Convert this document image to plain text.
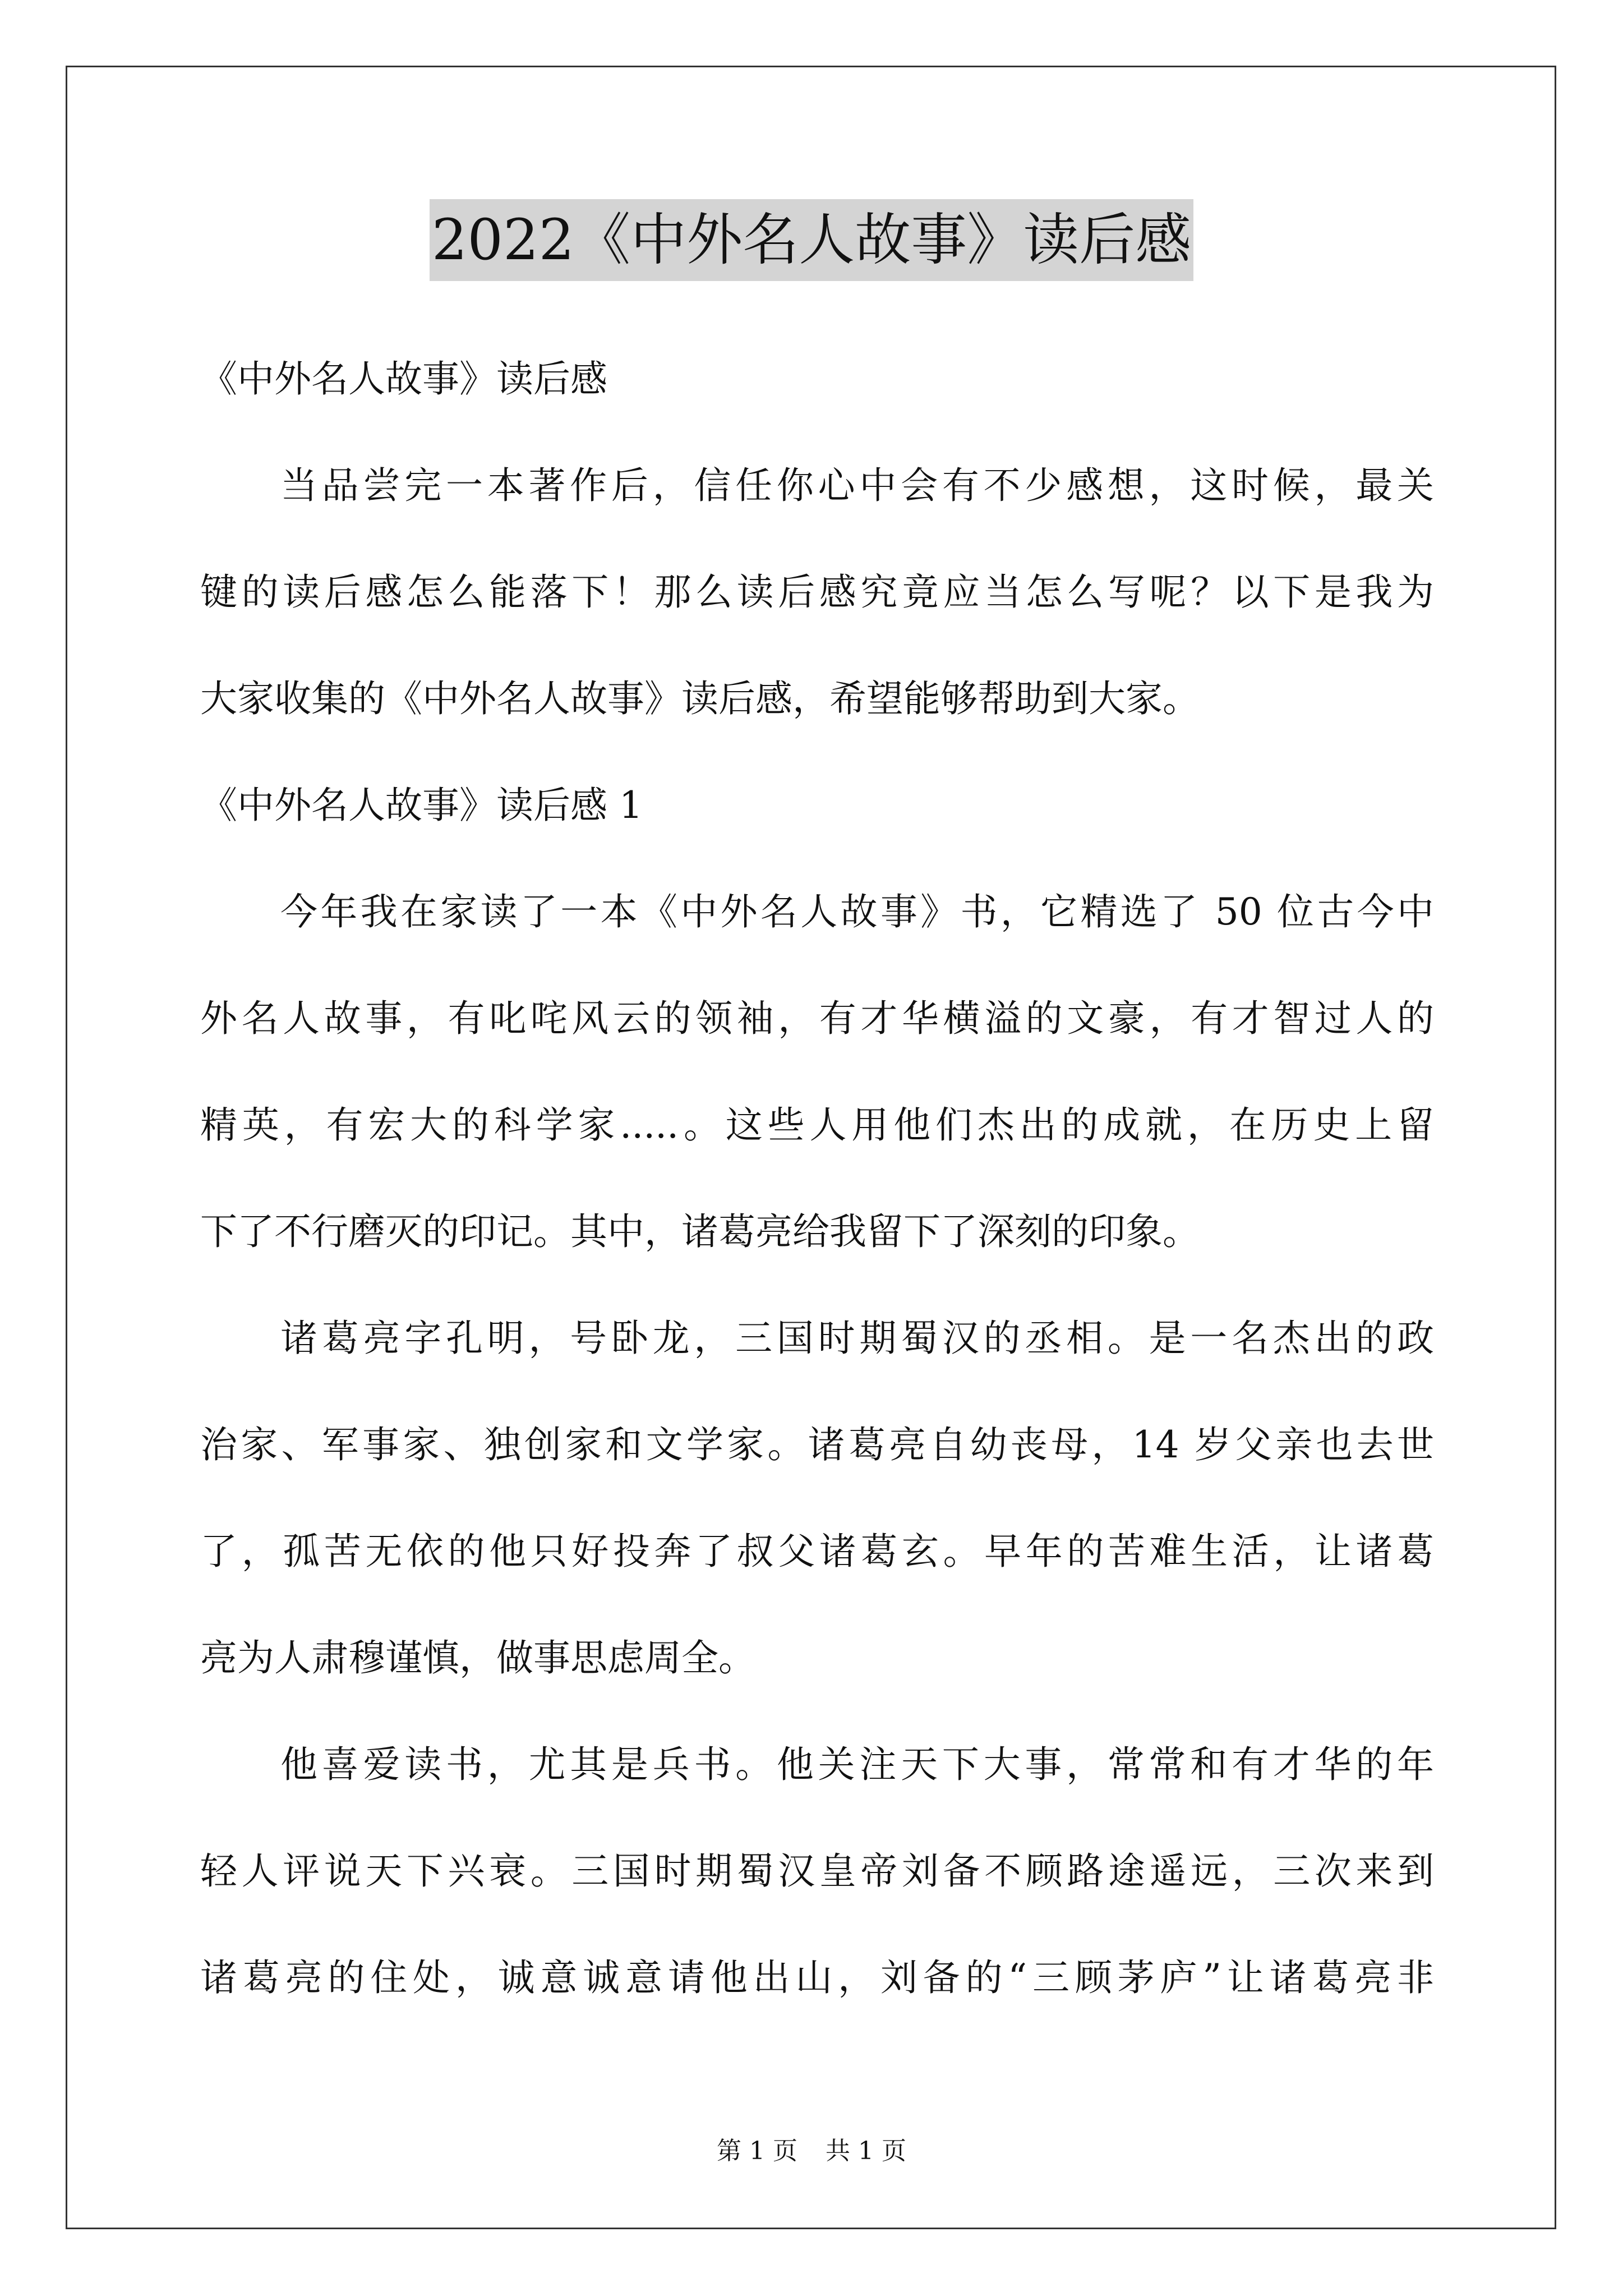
2022《中外名人故事》读后感
《中外名人故事》读后感
当品尝完一本著作后，信任你心中会有不少感想，这时候，最关
键的读后感怎么能落下！那么读后感究竟应当怎么写呢？以下是我为
大家收集的《中外名人故事》读后感，希望能够帮助到大家。
《中外名人故事》读后感 1
今年我在家读了一本《中外名人故事》书，它精选了 50 位古今中
外名人故事，有叱咤风云的领袖，有才华横溢的文豪，有才智过人的
精英，有宏大的科学家.....。这些人用他们杰出的成就，在历史上留
下了不行磨灭的印记。其中，诸葛亮给我留下了深刻的印象。
诸葛亮字孔明，号卧龙，三国时期蜀汉的丞相。是一名杰出的政
治家、军事家、独创家和文学家。诸葛亮自幼丧母，14 岁父亲也去世
了，孤苦无依的他只好投奔了叔父诸葛玄。早年的苦难生活，让诸葛
亮为人肃穆谨慎，做事思虑周全。
他喜爱读书，尤其是兵书。他关注天下大事，常常和有才华的年
轻人评说天下兴衰。三国时期蜀汉皇帝刘备不顾路途遥远，三次来到
诸葛亮的住处，诚意诚意请他出山，刘备的“三顾茅庐”让诸葛亮非
第 1 页 共 1 页
